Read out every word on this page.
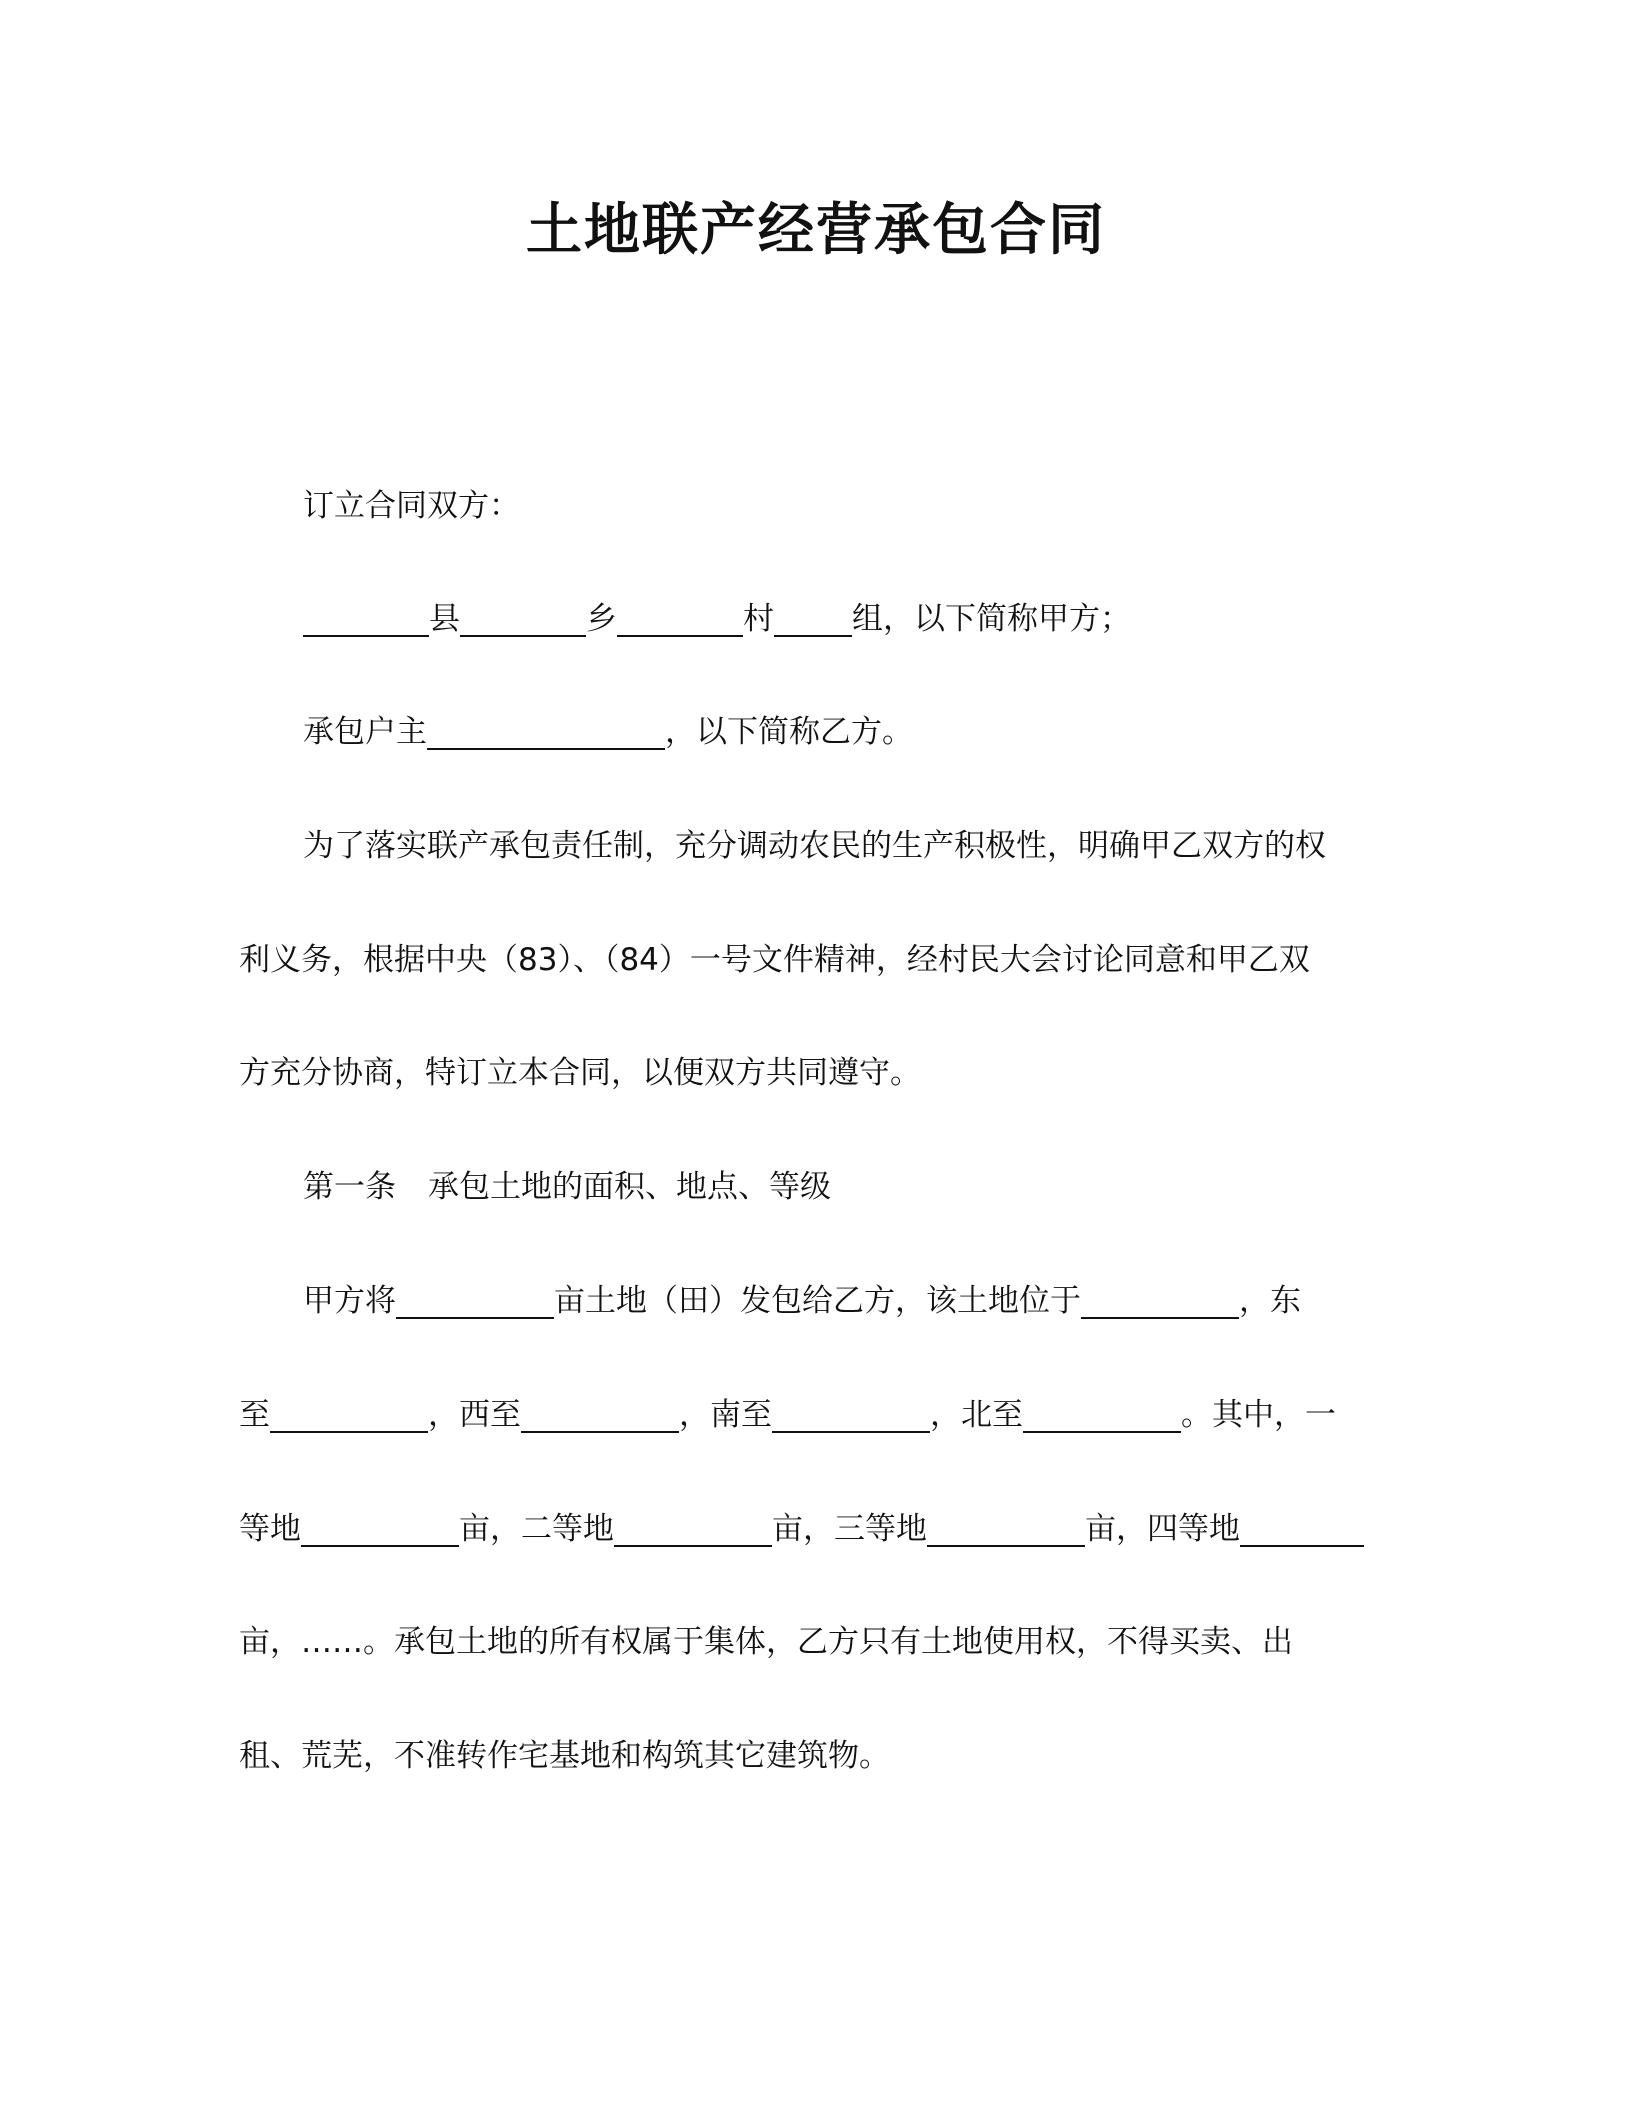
土地联产经营承包合同
订立合同双方：
县	乡	村	组，以下简称甲方；
承包户主	，以下简称乙方。
为了落实联产承包责任制，充分调动农民的生产积极性，明确甲乙双方的权
利义务，根据中央（83）、（84）一号文件精神，经村民大会讨论同意和甲乙双
方充分协商，特订立本合同，以便双方共同遵守。
第一条 承包土地的面积、地点、等级
甲方将	亩土地（田）发包给乙方，该土地位于	，东
至	，西至	，南至	，北至	。其中，一
等地	亩，二等地	亩，三等地	亩，四等地
亩，……。承包土地的所有权属于集体，乙方只有土地使用权，不得买卖、出
租、荒芜，不准转作宅基地和构筑其它建筑物。
